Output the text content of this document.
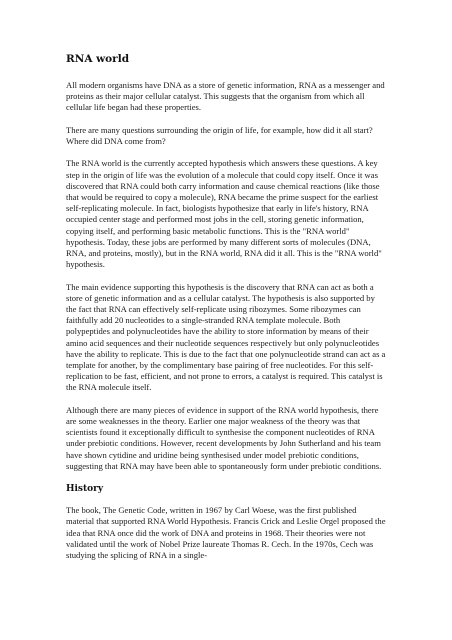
RNA world

All modern organisms have DNA as a store of genetic information, RNA as a messenger and proteins as their major cellular catalyst. This suggests that the organism from which all cellular life began had these properties.

There are many questions surrounding the origin of life, for example, how did it all start? Where did DNA come from?

The RNA world is the currently accepted hypothesis which answers these questions. A key step in the origin of life was the evolution of a molecule that could copy itself. Once it was discovered that RNA could both carry information and cause chemical reactions (like those that would be required to copy a molecule), RNA became the prime suspect for the earliest self-replicating molecule. In fact, biologists hypothesize that early in life's history, RNA occupied center stage and performed most jobs in the cell, storing genetic information, copying itself, and performing basic metabolic functions. This is the "RNA world" hypothesis. Today, these jobs are performed by many different sorts of molecules (DNA, RNA, and proteins, mostly), but in the RNA world, RNA did it all. This is the "RNA world" hypothesis.

The main evidence supporting this hypothesis is the discovery that RNA can act as both a store of genetic information and as a cellular catalyst. The hypothesis is also supported by the fact that RNA can effectively self-replicate using ribozymes. Some ribozymes can faithfully add 20 nucleotides to a single-stranded RNA template molecule. Both polypeptides and polynucleotides have the ability to store information by means of their amino acid sequences and their nucleotide sequences respectively but only polynucleotides have the ability to replicate. This is due to the fact that one polynucleotide strand can act as a template for another, by the complimentary base pairing of free nucleotides. For this self-replication to be fast, efficient, and not prone to errors, a catalyst is required. This catalyst is the RNA molecule itself.

Although there are many pieces of evidence in support of the RNA world hypothesis, there are some weaknesses in the theory. Earlier one major weakness of the theory was that scientists found it exceptionally difficult to synthesise the component nucleotides of RNA under prebiotic conditions. However, recent developments by John Sutherland and his team have shown cytidine and uridine being synthesised under model prebiotic conditions, suggesting that RNA may have been able to spontaneously form under prebiotic conditions.

History

The book, The Genetic Code, written in 1967 by Carl Woese, was the first published material that supported RNA World Hypothesis. Francis Crick and Leslie Orgel proposed the idea that RNA once did the work of DNA and proteins in 1968. Their theories were not validated until the work of Nobel Prize laureate Thomas R. Cech. In the 1970s, Cech was studying the splicing of RNA in a single-
